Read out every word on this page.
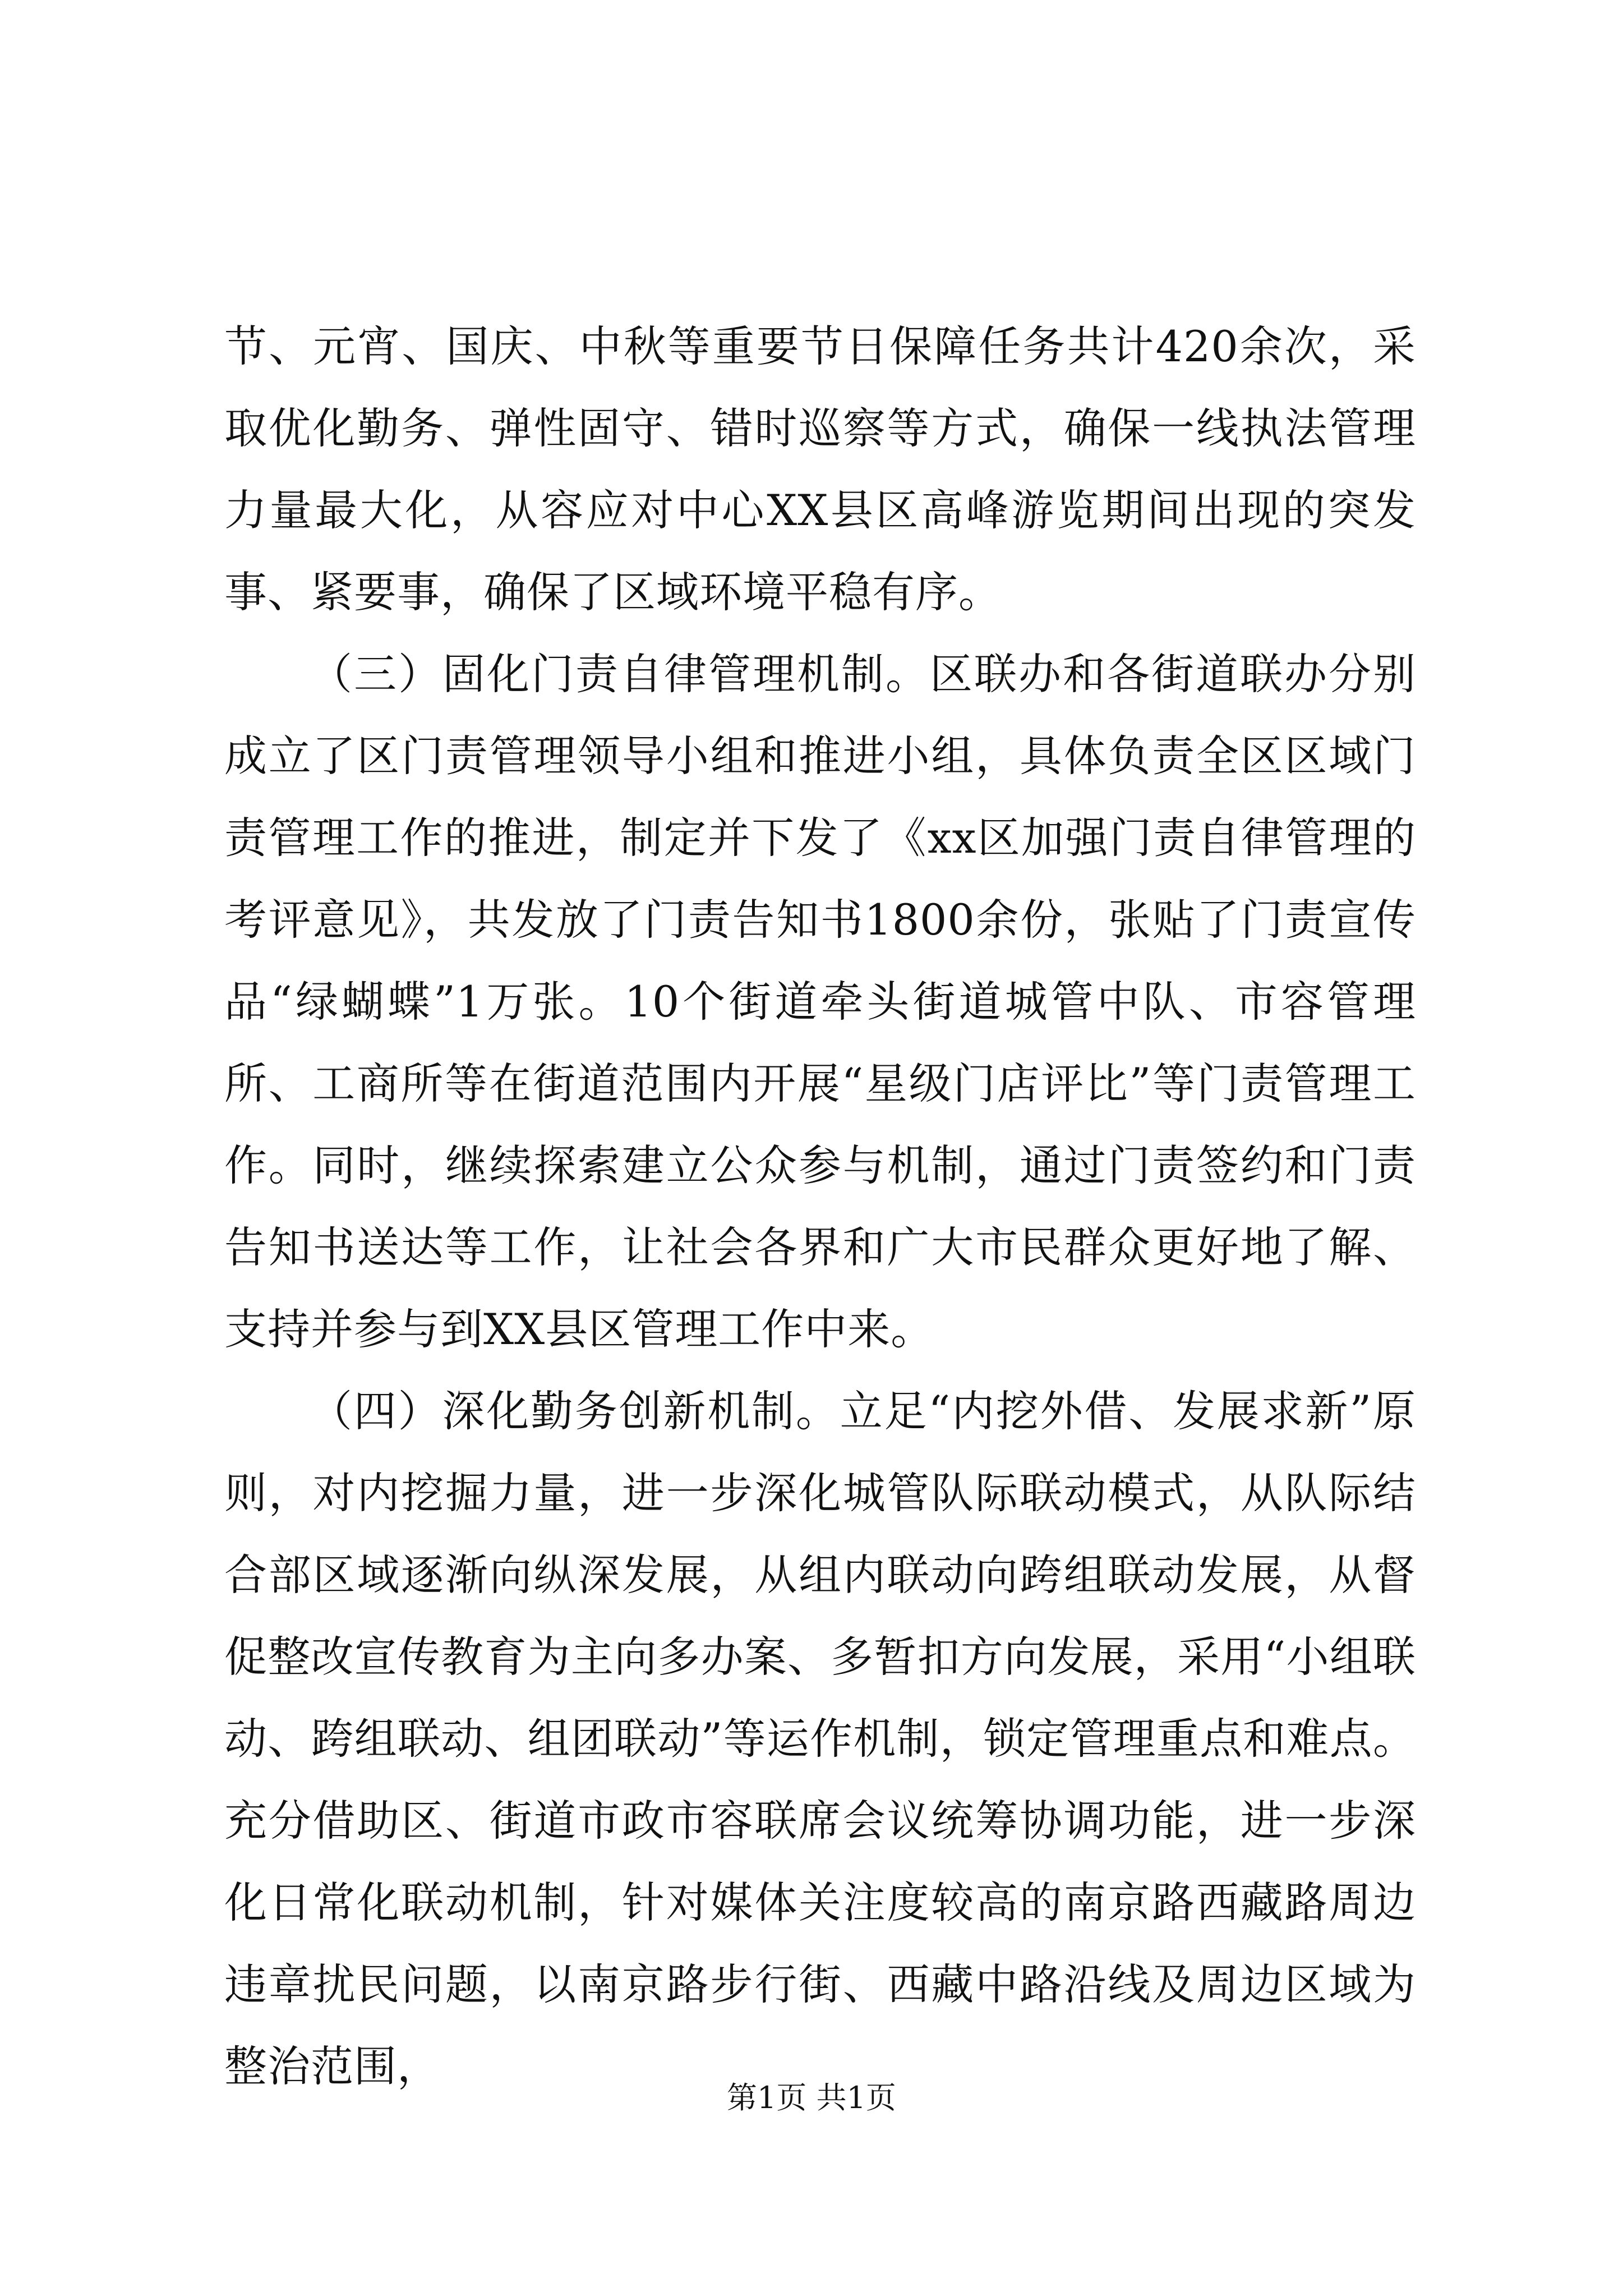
节、元宵、国庆、中秋等重要节日保障任务共计420余次，采取优化勤务、弹性固守、错时巡察等方式，确保一线执法管理力量最大化，从容应对中心XX县区高峰游览期间出现的突发事、紧要事，确保了区域环境平稳有序。

（三）固化门责自律管理机制。区联办和各街道联办分别成立了区门责管理领导小组和推进小组，具体负责全区区域门责管理工作的推进，制定并下发了《xx区加强门责自律管理的考评意见》，共发放了门责告知书1800余份，张贴了门责宣传品“绿蝴蝶”1万张。10个街道牵头街道城管中队、市容管理所、工商所等在街道范围内开展“星级门店评比”等门责管理工作。同时，继续探索建立公众参与机制，通过门责签约和门责告知书送达等工作，让社会各界和广大市民群众更好地了解、支持并参与到XX县区管理工作中来。

（四）深化勤务创新机制。立足“内挖外借、发展求新”原则，对内挖掘力量，进一步深化城管队际联动模式，从队际结合部区域逐渐向纵深发展，从组内联动向跨组联动发展，从督促整改宣传教育为主向多办案、多暂扣方向发展，采用“小组联动、跨组联动、组团联动”等运作机制，锁定管理重点和难点。充分借助区、街道市政市容联席会议统筹协调功能，进一步深化日常化联动机制，针对媒体关注度较高的南京路西藏路周边违章扰民问题，以南京路步行街、西藏中路沿线及周边区域为整治范围，

第1页 共1页
